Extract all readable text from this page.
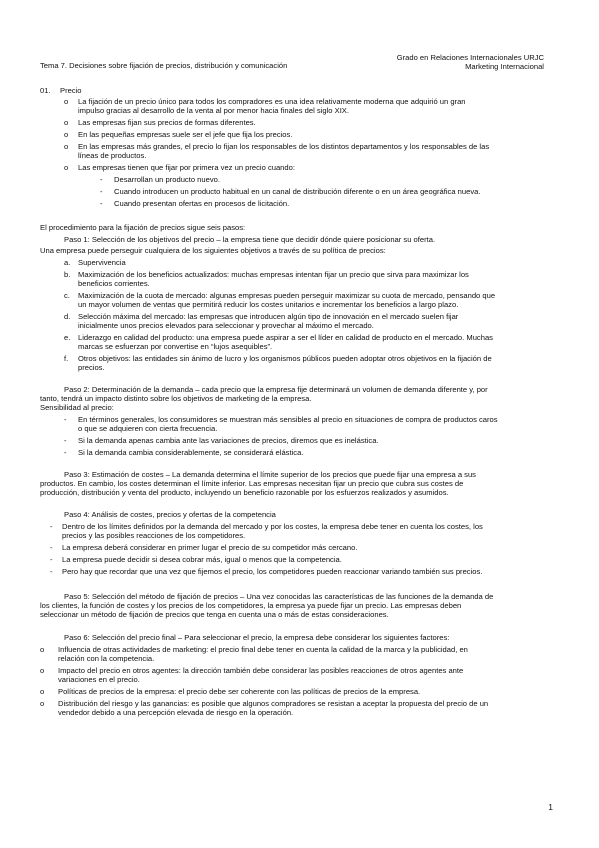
Grado en Relaciones Internacionales URJC
Marketing Internacional
Tema 7. Decisiones sobre fijación de precios, distribución y comunicación
01. Precio
o La fijación de un precio único para todos los compradores es una idea relativamente moderna que adquirió un gran
impulso gracias al desarrollo de la venta al por menor hacia finales del siglo XIX.
o Las empresas fijan sus precios de formas diferentes.
o En las pequeñas empresas suele ser el jefe que fija los precios.
o En las empresas más grandes, el precio lo fijan los responsables de los distintos departamentos y los responsables de las
líneas de productos.
o Las empresas tienen que fijar por primera vez un precio cuando:
- Desarrollan un producto nuevo.
- Cuando introducen un producto habitual en un canal de distribución diferente o en un área geográfica nueva.
- Cuando presentan ofertas en procesos de licitación.
El procedimiento para la fijación de precios sigue seis pasos:
Paso 1: Selección de los objetivos del precio – la empresa tiene que decidir dónde quiere posicionar su oferta.
Una empresa puede perseguir cualquiera de los siguientes objetivos a través de su política de precios:
a. Supervivencia
b. Maximización de los beneficios actualizados: muchas empresas intentan fijar un precio que sirva para maximizar los
beneficios corrientes.
c. Maximización de la cuota de mercado: algunas empresas pueden perseguir maximizar su cuota de mercado, pensando que
un mayor volumen de ventas que permitirá reducir los costes unitarios e incrementar los beneficios a largo plazo.
d. Selección máxima del mercado: las empresas que introducen algún tipo de innovación en el mercado suelen fijar
inicialmente unos precios elevados para seleccionar y provechar al máximo el mercado.
e. Liderazgo en calidad del producto: una empresa puede aspirar a ser el líder en calidad de producto en el mercado. Muchas
marcas se esfuerzan por convertise en “lujos asequibles”.
f. Otros objetivos: las entidades sin ánimo de lucro y los organismos públicos pueden adoptar otros objetivos en la fijación de
precios.
Paso 2: Determinación de la demanda – cada precio que la empresa fije determinará un volumen de demanda diferente y, por
tanto, tendrá un impacto distinto sobre los objetivos de marketing de la empresa.
Sensibilidad al precio:
- En términos generales, los consumidores se muestran más sensibles al precio en situaciones de compra de productos caros
o que se adquieren con cierta frecuencia.
- Si la demanda apenas cambia ante las variaciones de precios, diremos que es inelástica.
- Si la demanda cambia considerablemente, se considerará elástica.
Paso 3: Estimación de costes – La demanda determina el límite superior de los precios que puede fijar una empresa a sus
productos. En cambio, los costes determinan el límite inferior. Las empresas necesitan fijar un precio que cubra sus costes de
producción, distribución y venta del producto, incluyendo un beneficio razonable por los esfuerzos realizados y asumidos.
Paso 4: Análisis de costes, precios y ofertas de la competencia
- Dentro de los límites definidos por la demanda del mercado y por los costes, la empresa debe tener en cuenta los costes, los
precios y las posibles reacciones de los competidores.
- La empresa deberá considerar en primer lugar el precio de su competidor más cercano.
- La empresa puede decidir si desea cobrar más, igual o menos que la competencia.
- Pero hay que recordar que una vez que fijemos el precio, los competidores pueden reaccionar variando también sus precios.
Paso 5: Selección del método de fijación de precios – Una vez conocidas las características de las funciones de la demanda de
los clientes, la función de costes y los precios de los competidores, la empresa ya puede fijar un precio. Las empresas deben
seleccionar un método de fijación de precios que tenga en cuenta una o más de estas consideraciones.
Paso 6: Selección del precio final – Para seleccionar el precio, la empresa debe considerar los siguientes factores:
o Influencia de otras actividades de marketing: el precio final debe tener en cuenta la calidad de la marca y la publicidad, en
relación con la competencia.
o Impacto del precio en otros agentes: la dirección también debe considerar las posibles reacciones de otros agentes ante
variaciones en el precio.
o Políticas de precios de la empresa: el precio debe ser coherente con las políticas de precios de la empresa.
o Distribución del riesgo y las ganancias: es posible que algunos compradores se resistan a aceptar la propuesta del precio de un
vendedor debido a una percepción elevada de riesgo en la operación.
1
